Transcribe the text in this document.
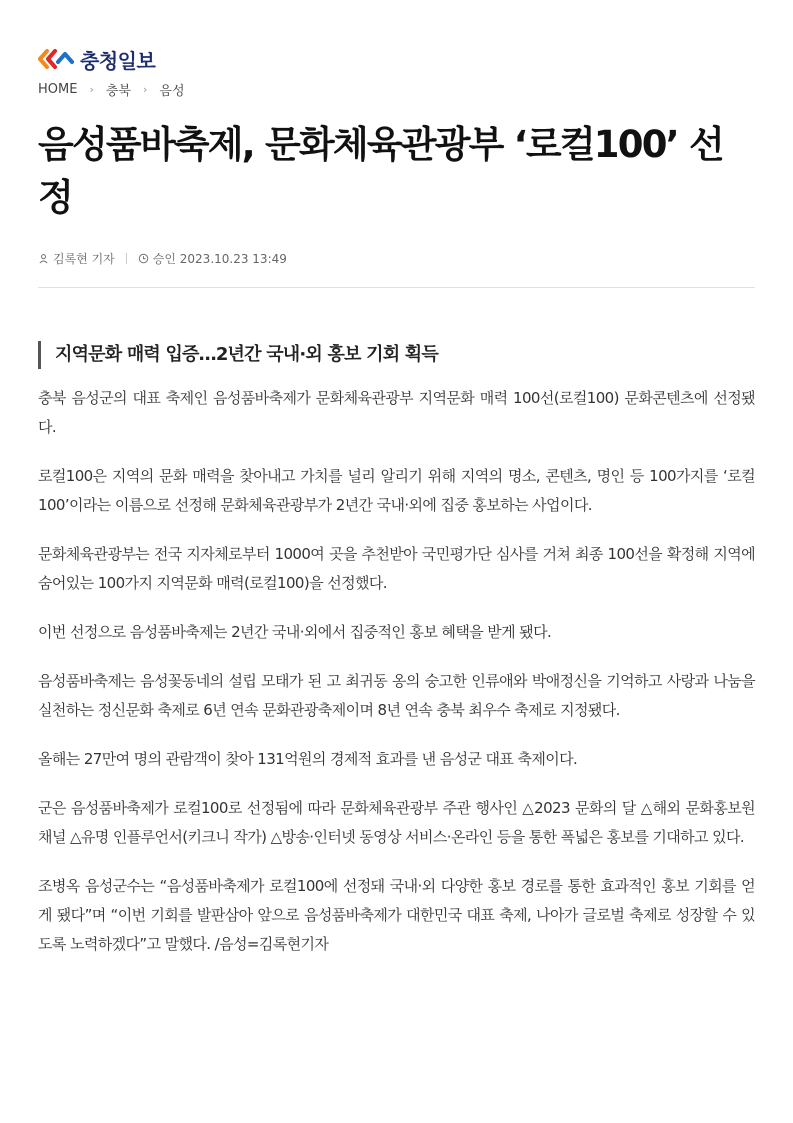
충청일보
HOME › 충북 › 음성
음성품바축제, 문화체육관광부 ‘로컬100’ 선정
김록현 기자	승인 2023.10.23 13:49
지역문화 매력 입증…2년간 국내·외 홍보 기회 획득

충북 음성군의 대표 축제인 음성품바축제가 문화체육관광부 지역문화 매력 100선(로컬100) 문화콘텐츠에 선정됐다.

로컬100은 지역의 문화 매력을 찾아내고 가치를 널리 알리기 위해 지역의 명소, 콘텐츠, 명인 등 100가지를 ‘로컬100’이라는 이름으로 선정해 문화체육관광부가 2년간 국내·외에 집중 홍보하는 사업이다.

문화체육관광부는 전국 지자체로부터 1000여 곳을 추천받아 국민평가단 심사를 거쳐 최종 100선을 확정해 지역에 숨어있는 100가지 지역문화 매력(로컬100)을 선정했다.

이번 선정으로 음성품바축제는 2년간 국내·외에서 집중적인 홍보 혜택을 받게 됐다.

음성품바축제는 음성꽃동네의 설립 모태가 된 고 최귀동 옹의 숭고한 인류애와 박애정신을 기억하고 사랑과 나눔을 실천하는 정신문화 축제로 6년 연속 문화관광축제이며 8년 연속 충북 최우수 축제로 지정됐다.

올해는 27만여 명의 관람객이 찾아 131억원의 경제적 효과를 낸 음성군 대표 축제이다.

군은 음성품바축제가 로컬100로 선정됨에 따라 문화체육관광부 주관 행사인 △2023 문화의 달 △해외 문화홍보원 채널 △유명 인플루언서(키크니 작가) △방송·인터넷 동영상 서비스·온라인 등을 통한 폭넓은 홍보를 기대하고 있다.

조병옥 음성군수는 “음성품바축제가 로컬100에 선정돼 국내·외 다양한 홍보 경로를 통한 효과적인 홍보 기회를 얻게 됐다”며 “이번 기회를 발판삼아 앞으로 음성품바축제가 대한민국 대표 축제, 나아가 글로벌 축제로 성장할 수 있도록 노력하겠다”고 말했다. /음성=김록현기자
